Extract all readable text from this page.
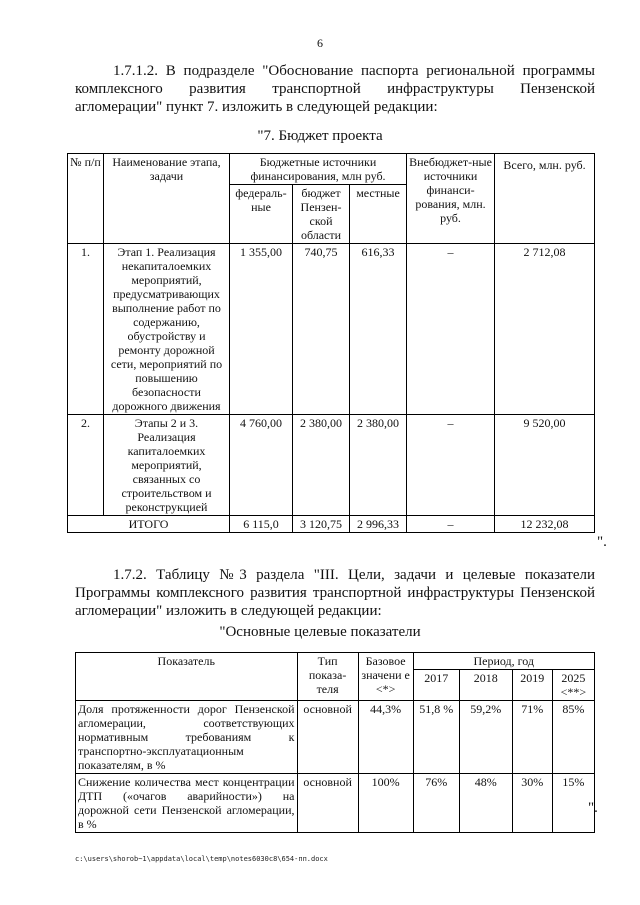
6
1.7.1.2. В подразделе "Обоснование паспорта региональной программы комплексного развития транспортной инфраструктуры Пензенской агломерации" пункт 7. изложить в следующей редакции:
"7. Бюджет проекта
№ п/п	Наименование этапа, задачи	Бюджетные источники финансирования, млн руб.			Внебюджет-ные источники финанси-рования, млн. руб.	Всего, млн. руб.
		федераль-ные	бюджет Пензен-ской области	местные		
1.	Этап 1. Реализация некапиталоемких мероприятий, предусматривающих выполнение работ по содержанию, обустройству и ремонту дорожной сети, мероприятий по повышению безопасности дорожного движения	1 355,00	740,75	616,33	–	2 712,08
2.	Этапы 2 и 3. Реализация капиталоемких мероприятий, связанных со строительством и реконструкцией	4 760,00	2 380,00	2 380,00	–	9 520,00
ИТОГО		6 115,0	3 120,75	2 996,33	–	12 232,08
".
1.7.2. Таблицу №3 раздела "III. Цели, задачи и целевые показатели Программы комплексного развития транспортной инфраструктуры Пензенской агломерации" изложить в следующей редакции:
"Основные целевые показатели
Показатель	Тип показа-теля	Базовое значени е <*>	Период, год			
			2017	2018	2019	2025 <**>
Доля протяженности дорог Пензенской агломерации, соответствующих нормативным требованиям к транспортно-эксплуатационным показателям, в %	основной	44,3%	51,8 %	59,2%	71%	85%
Снижение количества мест концентрации ДТП («очагов аварийности») на дорожной сети Пензенской агломерации, в %	основной	100%	76%	48%	30%	15%
".
c:\users\shorob~1\appdata\local\temp\notes6030c8\654-пп.docx
